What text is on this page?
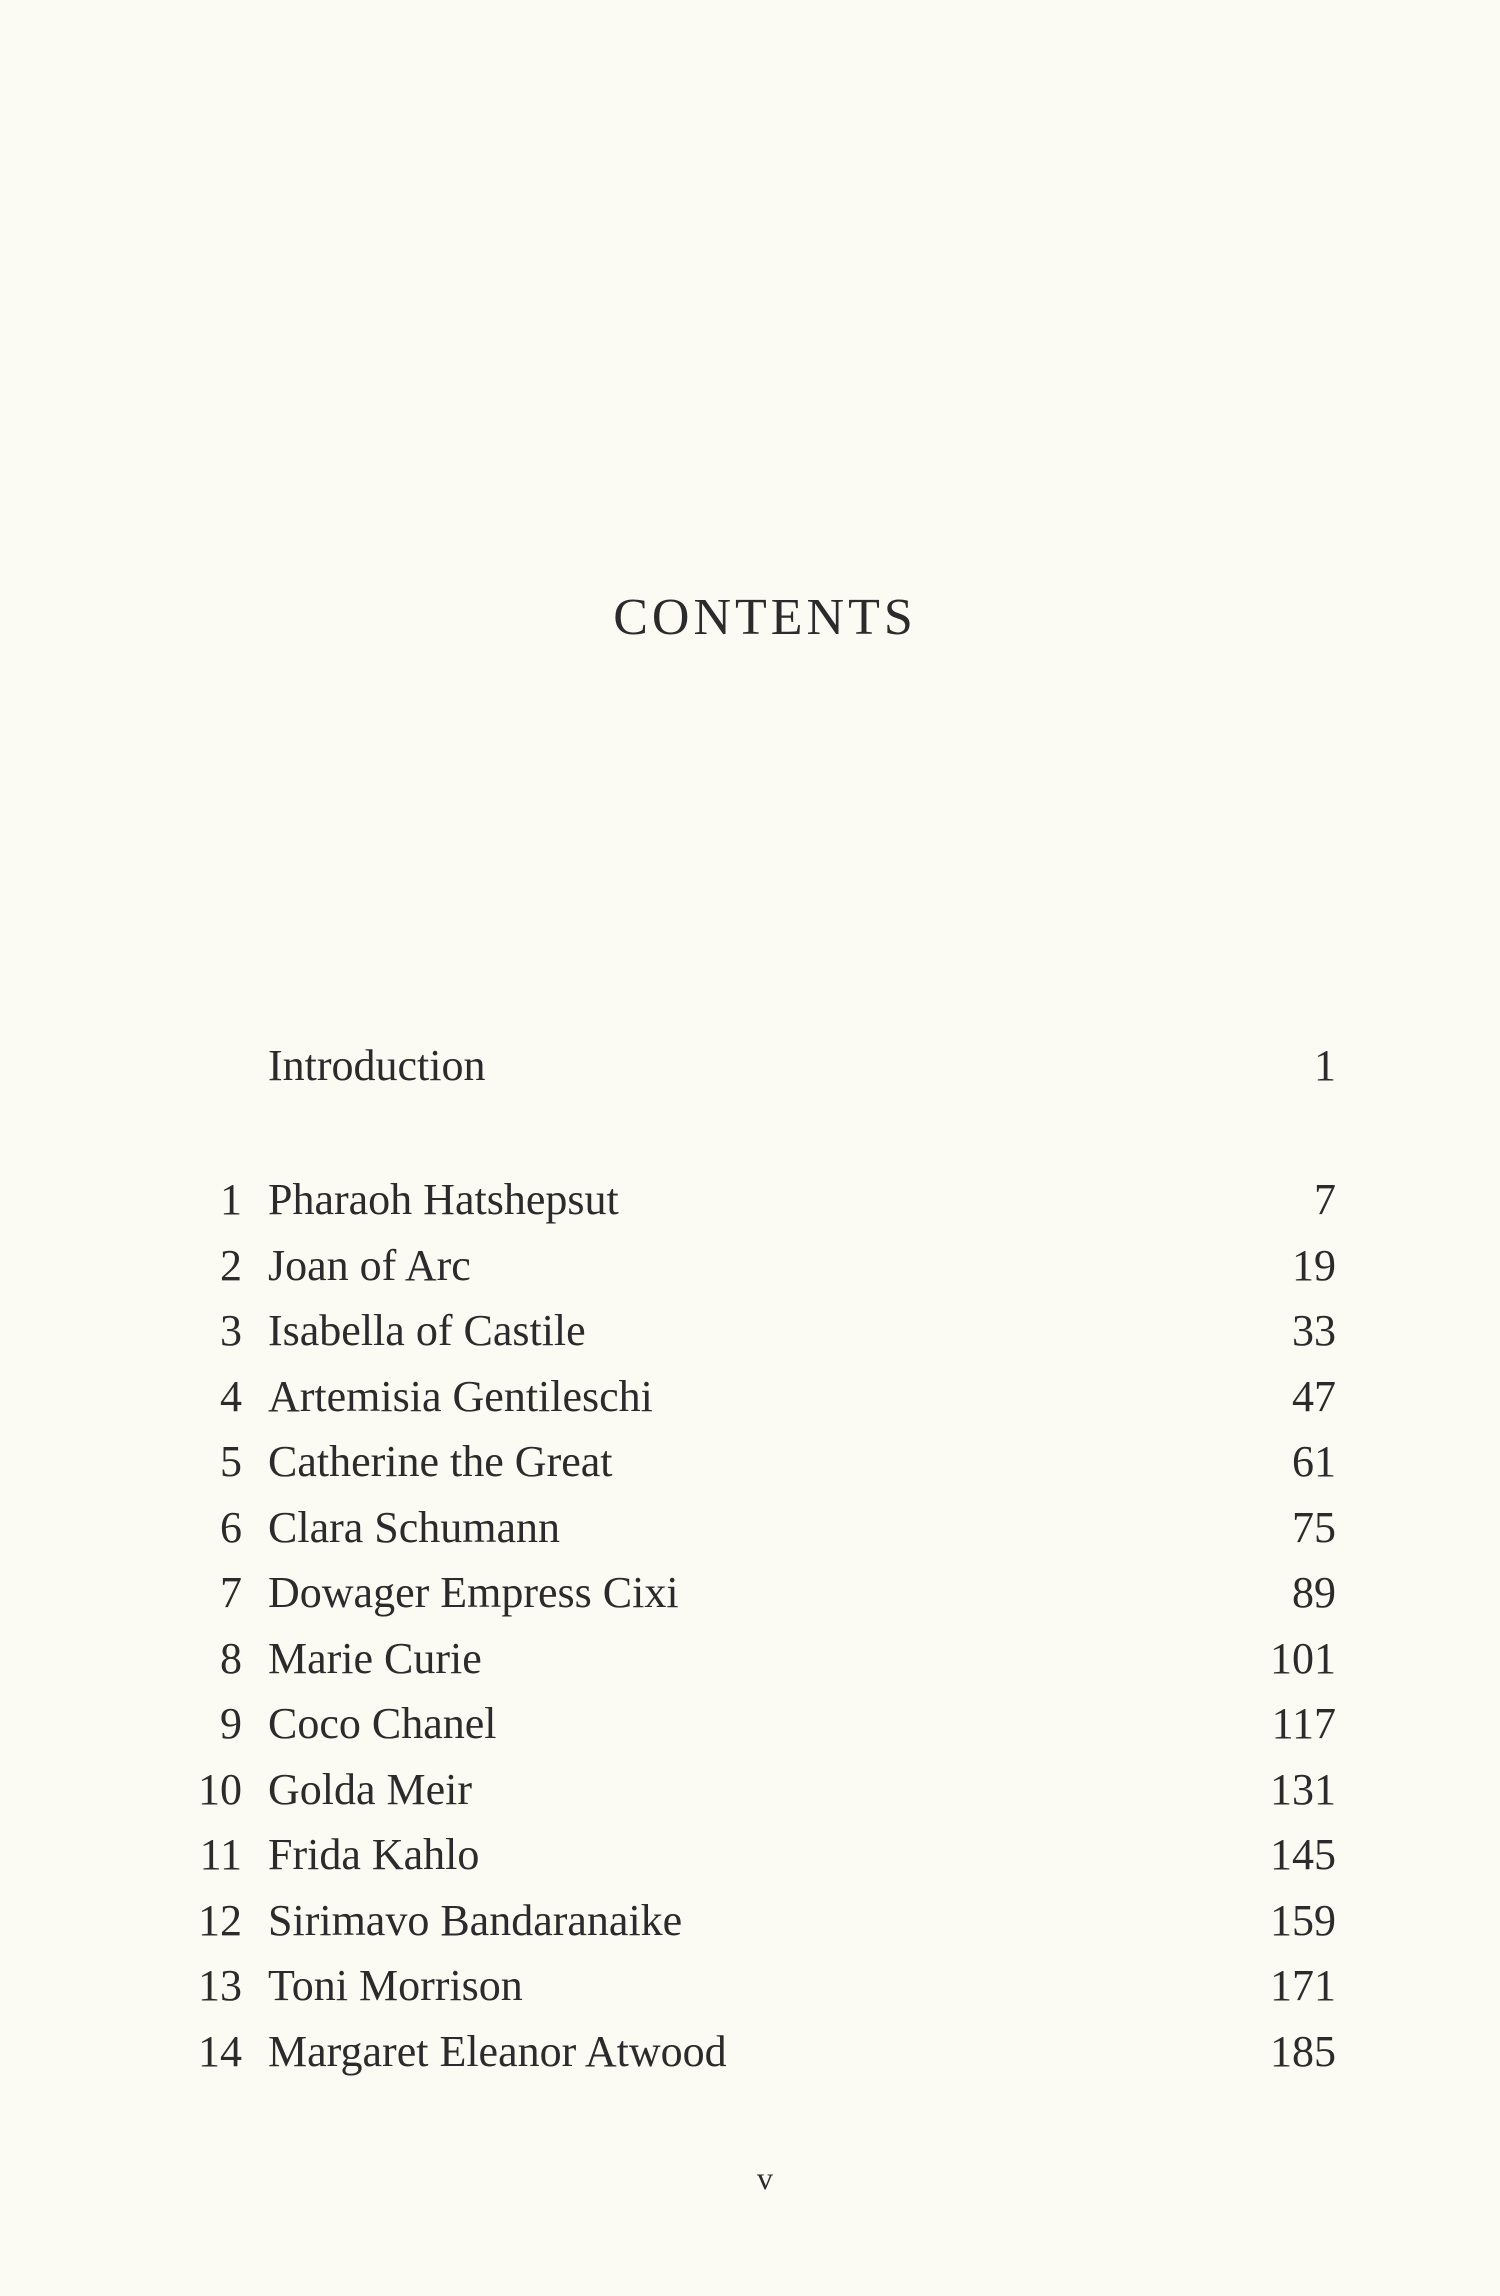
CONTENTS
Introduction	1
1 Pharaoh Hatshepsut	7
2 Joan of Arc	19
3 Isabella of Castile	33
4 Artemisia Gentileschi	47
5 Catherine the Great	61
6 Clara Schumann	75
7 Dowager Empress Cixi	89
8 Marie Curie	101
9 Coco Chanel	117
10 Golda Meir	131
11 Frida Kahlo	145
12 Sirimavo Bandaranaike	159
13 Toni Morrison	171
14 Margaret Eleanor Atwood	185
v
